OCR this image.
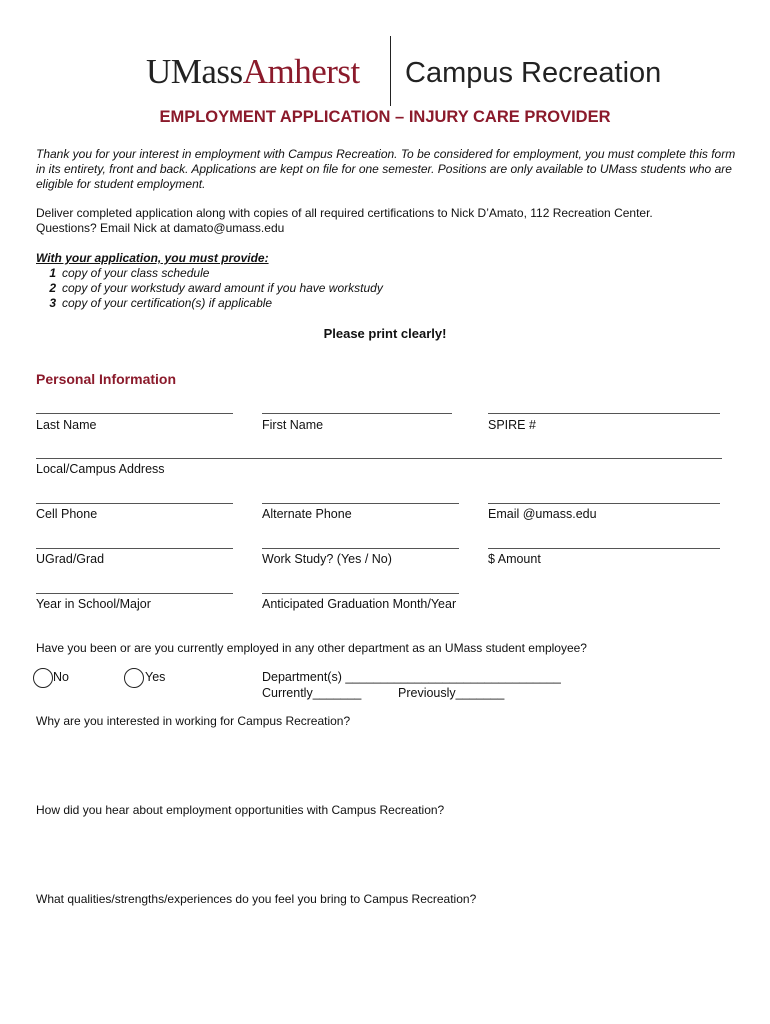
UMassAmherst Campus Recreation
EMPLOYMENT APPLICATION – INJURY CARE PROVIDER
Thank you for your interest in employment with Campus Recreation. To be considered for employment, you must complete this form in its entirety, front and back. Applications are kept on file for one semester. Positions are only available to UMass students who are eligible for student employment.
Deliver completed application along with copies of all required certifications to Nick D’Amato, 112 Recreation Center.
Questions? Email Nick at damato@umass.edu
With your application, you must provide:
1 copy of your class schedule
2 copy of your workstudy award amount if you have workstudy
3 copy of your certification(s) if applicable
Please print clearly!
Personal Information
Last Name	First Name	SPIRE #
Local/Campus Address
Cell Phone	Alternate Phone	Email @umass.edu
UGrad/Grad	Work Study? (Yes / No)	$ Amount
Year in School/Major	Anticipated Graduation Month/Year
Have you been or are you currently employed in any other department as an UMass student employee?
No	Yes	Department(s) _______________________________
Currently_______	Previously_______
Why are you interested in working for Campus Recreation?
How did you hear about employment opportunities with Campus Recreation?
What qualities/strengths/experiences do you feel you bring to Campus Recreation?
